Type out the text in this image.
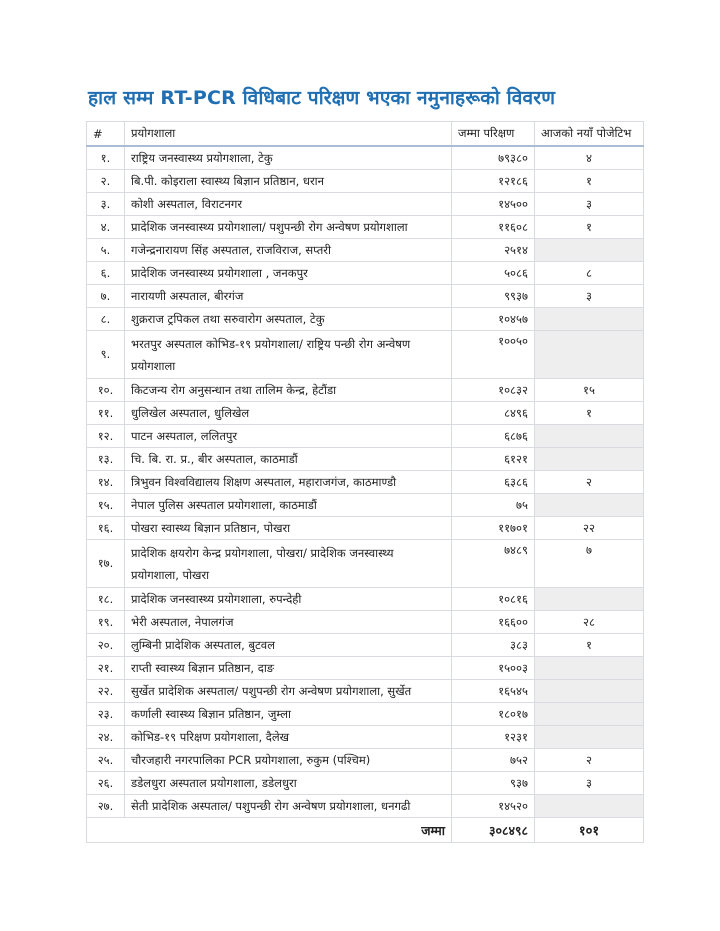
हाल सम्म RT-PCR विधिबाट परिक्षण भएका नमुनाहरूको विवरण
#	प्रयोगशाला	जम्मा परिक्षण	आजको नयाँ पोजेटिभ
१.	राष्ट्रिय जनस्वास्थ्य प्रयोगशाला, टेकु	७९३८०	४
२.	बि.पी. कोइराला स्वास्थ्य बिज्ञान प्रतिष्ठान, धरान	१२१८६	१
३.	कोशी अस्पताल, विराटनगर	१४५००	३
४.	प्रादेशिक जनस्वास्थ्य प्रयोगशाला/ पशुपन्छी रोग अन्वेषण प्रयोगशाला	११६०८	१
५.	गजेन्द्रनारायण सिंह अस्पताल, राजविराज, सप्तरी	२५१४	
६.	प्रादेशिक जनस्वास्थ्य प्रयोगशाला , जनकपुर	५०८६	८
७.	नारायणी अस्पताल, बीरगंज	९९३७	३
८.	शुक्रराज ट्रपिकल तथा सरुवारोग अस्पताल, टेकु	१०४५७	
९.	भरतपुर अस्पताल कोभिड-१९ प्रयोगशाला/ राष्ट्रिय पन्छी रोग अन्वेषण प्रयोगशाला	१००५०	
१०.	किटजन्य रोग अनुसन्धान तथा तालिम केन्द्र, हेटौंडा	१०८३२	१५
११.	धुलिखेल अस्पताल, धुलिखेल	८४९६	१
१२.	पाटन अस्पताल, ललितपुर	६८७६	
१३.	चि. बि. रा. प्र., बीर अस्पताल, काठमाडौं	६१२१	
१४.	त्रिभुवन विश्वविद्यालय शिक्षण अस्पताल, महाराजगंज, काठमाण्डौ	६३८६	२
१५.	नेपाल पुलिस अस्पताल प्रयोगशाला, काठमाडौं	७५	
१६.	पोखरा स्वास्थ्य बिज्ञान प्रतिष्ठान, पोखरा	११७०१	२२
१७.	प्रादेशिक क्षयरोग केन्द्र प्रयोगशाला, पोखरा/ प्रादेशिक जनस्वास्थ्य प्रयोगशाला, पोखरा	७४८९	७
१८.	प्रादेशिक जनस्वास्थ्य प्रयोगशाला, रुपन्देही	१०८१६	
१९.	भेरी अस्पताल, नेपालगंज	१६६००	२८
२०.	लुम्बिनी प्रादेशिक अस्पताल, बुटवल	३८३	१
२१.	राप्ती स्वास्थ्य बिज्ञान प्रतिष्ठान, दाङ	१५००३	
२२.	सुर्खेत प्रादेशिक अस्पताल/ पशुपन्छी रोग अन्वेषण प्रयोगशाला, सुर्खेत	१६५४५	
२३.	कर्णाली स्वास्थ्य बिज्ञान प्रतिष्ठान, जुम्ला	१८०१७	
२४.	कोभिड-१९ परिक्षण प्रयोगशाला, दैलेख	१२३१	
२५.	चौरजहारी नगरपालिका PCR प्रयोगशाला, रुकुम (पश्चिम)	७५२	२
२६.	डडेलधुरा अस्पताल प्रयोगशाला, डडेलधुरा	९३७	३
२७.	सेती प्रादेशिक अस्पताल/ पशुपन्छी रोग अन्वेषण प्रयोगशाला, धनगढी	१४५२०	
जम्मा		३०८४९८	१०१
